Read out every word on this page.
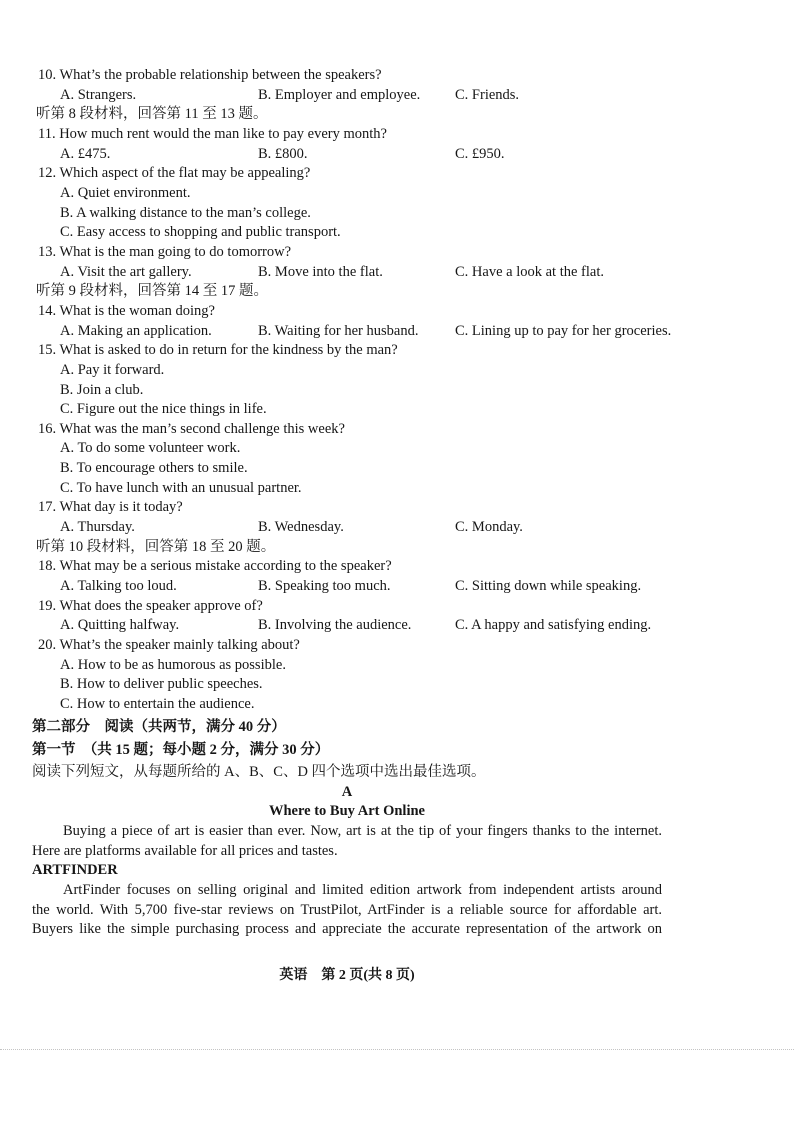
10. What’s the probable relationship between the speakers?
A. Strangers.	B. Employer and employee. C. Friends.
听第 8 段材料，回答第 11 至 13 题。
11. How much rent would the man like to pay every month?
A. £475.	B. £800.	C. £950.
12. Which aspect of the flat may be appealing?
A. Quiet environment.
B. A walking distance to the man’s college.
C. Easy access to shopping and public transport.
13. What is the man going to do tomorrow?
A. Visit the art gallery.	B. Move into the flat.	C. Have a look at the flat.
听第 9 段材料，回答第 14 至 17 题。
14. What is the woman doing?
A. Making an application.	B. Waiting for her husband.	C. Lining up to pay for her groceries.
15. What is asked to do in return for the kindness by the man?
A. Pay it forward.
B. Join a club.
C. Figure out the nice things in life.
16. What was the man’s second challenge this week?
A. To do some volunteer work.
B. To encourage others to smile.
C. To have lunch with an unusual partner.
17. What day is it today?
A. Thursday.	B. Wednesday.	C. Monday.
听第 10 段材料，回答第 18 至 20 题。
18. What may be a serious mistake according to the speaker?
A. Talking too loud.	B. Speaking too much.	C. Sitting down while speaking.
19. What does the speaker approve of?
A. Quitting halfway.	B. Involving the audience.	C. A happy and satisfying ending.
20. What’s the speaker mainly talking about?
A. How to be as humorous as possible.
B. How to deliver public speeches.
C. How to entertain the audience.
第二部分　阅读（共两节，满分 40 分）
第一节　（共 15 题；每小题 2 分，满分 30 分）
阅读下列短文，从每题所给的 A、B、C、D 四个选项中选出最佳选项。
A
Where to Buy Art Online
Buying a piece of art is easier than ever. Now, art is at the tip of your fingers thanks to the internet.
Here are platforms available for all prices and tastes.
ARTFINDER
ArtFinder focuses on selling original and limited edition artwork from independent artists around
the world. With 5,700 five-star reviews on TrustPilot, ArtFinder is a reliable source for affordable art.
Buyers like the simple purchasing process and appreciate the accurate representation of the artwork on
英语　第 2 页(共 8 页)
